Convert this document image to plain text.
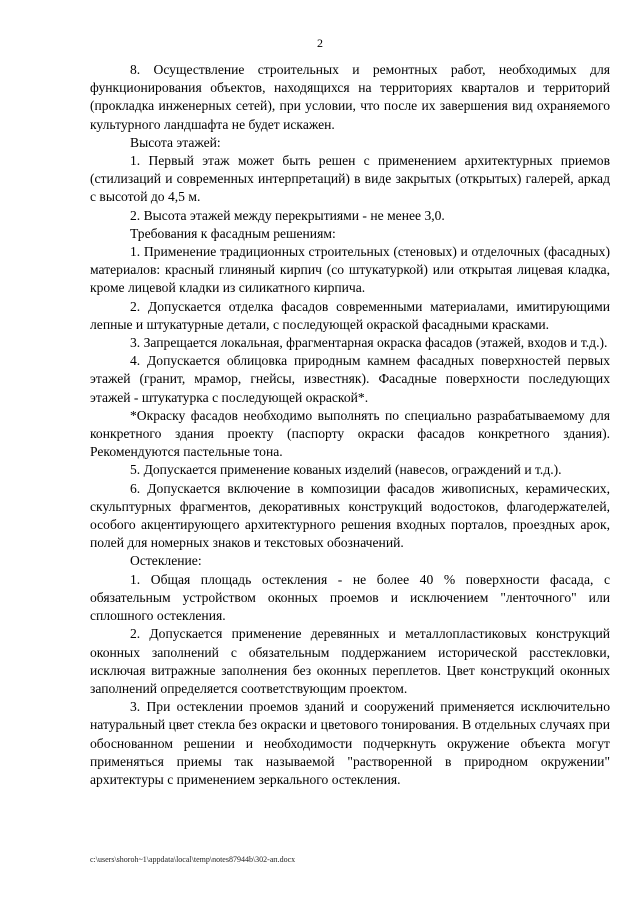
2

8. Осуществление строительных и ремонтных работ, необходимых для функционирования объектов, находящихся на территориях кварталов и территорий (прокладка инженерных сетей), при условии, что после их завершения вид охраняемого культурного ландшафта не будет искажен.

Высота этажей:

1. Первый этаж может быть решен с применением архитектурных приемов (стилизаций и современных интерпретаций) в виде закрытых (открытых) галерей, аркад с высотой до 4,5 м.

2. Высота этажей между перекрытиями - не менее 3,0.

Требования к фасадным решениям:

1. Применение традиционных строительных (стеновых) и отделочных (фасадных) материалов: красный глиняный кирпич (со штукатуркой) или открытая лицевая кладка, кроме лицевой кладки из силикатного кирпича.

2. Допускается отделка фасадов современными материалами, имитирующими лепные и штукатурные детали, с последующей окраской фасадными красками.

3. Запрещается локальная, фрагментарная окраска фасадов (этажей, входов и т.д.).

4. Допускается облицовка природным камнем фасадных поверхностей первых этажей (гранит, мрамор, гнейсы, известняк). Фасадные поверхности последующих этажей - штукатурка с последующей окраской*.

*Окраску фасадов необходимо выполнять по специально разрабатываемому для конкретного здания проекту (паспорту окраски фасадов конкретного здания). Рекомендуются пастельные тона.

5. Допускается применение кованых изделий (навесов, ограждений и т.д.).

6. Допускается включение в композиции фасадов живописных, керамических, скульптурных фрагментов, декоративных конструкций водостоков, флагодержателей, особого акцентирующего архитектурного решения входных порталов, проездных арок, полей для номерных знаков и текстовых обозначений.

Остекление:

1. Общая площадь остекления - не более 40 % поверхности фасада, с обязательным устройством оконных проемов и исключением "ленточного" или сплошного остекления.

2. Допускается применение деревянных и металлопластиковых конструкций оконных заполнений с обязательным поддержанием исторической расстекловки, исключая витражные заполнения без оконных переплетов. Цвет конструкций оконных заполнений определяется соответствующим проектом.

3. При остеклении проемов зданий и сооружений применяется исключительно натуральный цвет стекла без окраски и цветового тонирования. В отдельных случаях при обоснованном решении и необходимости подчеркнуть окружение объекта могут применяться приемы так называемой "растворенной в природном окружении" архитектуры с применением зеркального остекления.

c:\users\shoroh~1\appdata\local\temp\notes87944b\302-ап.docx
